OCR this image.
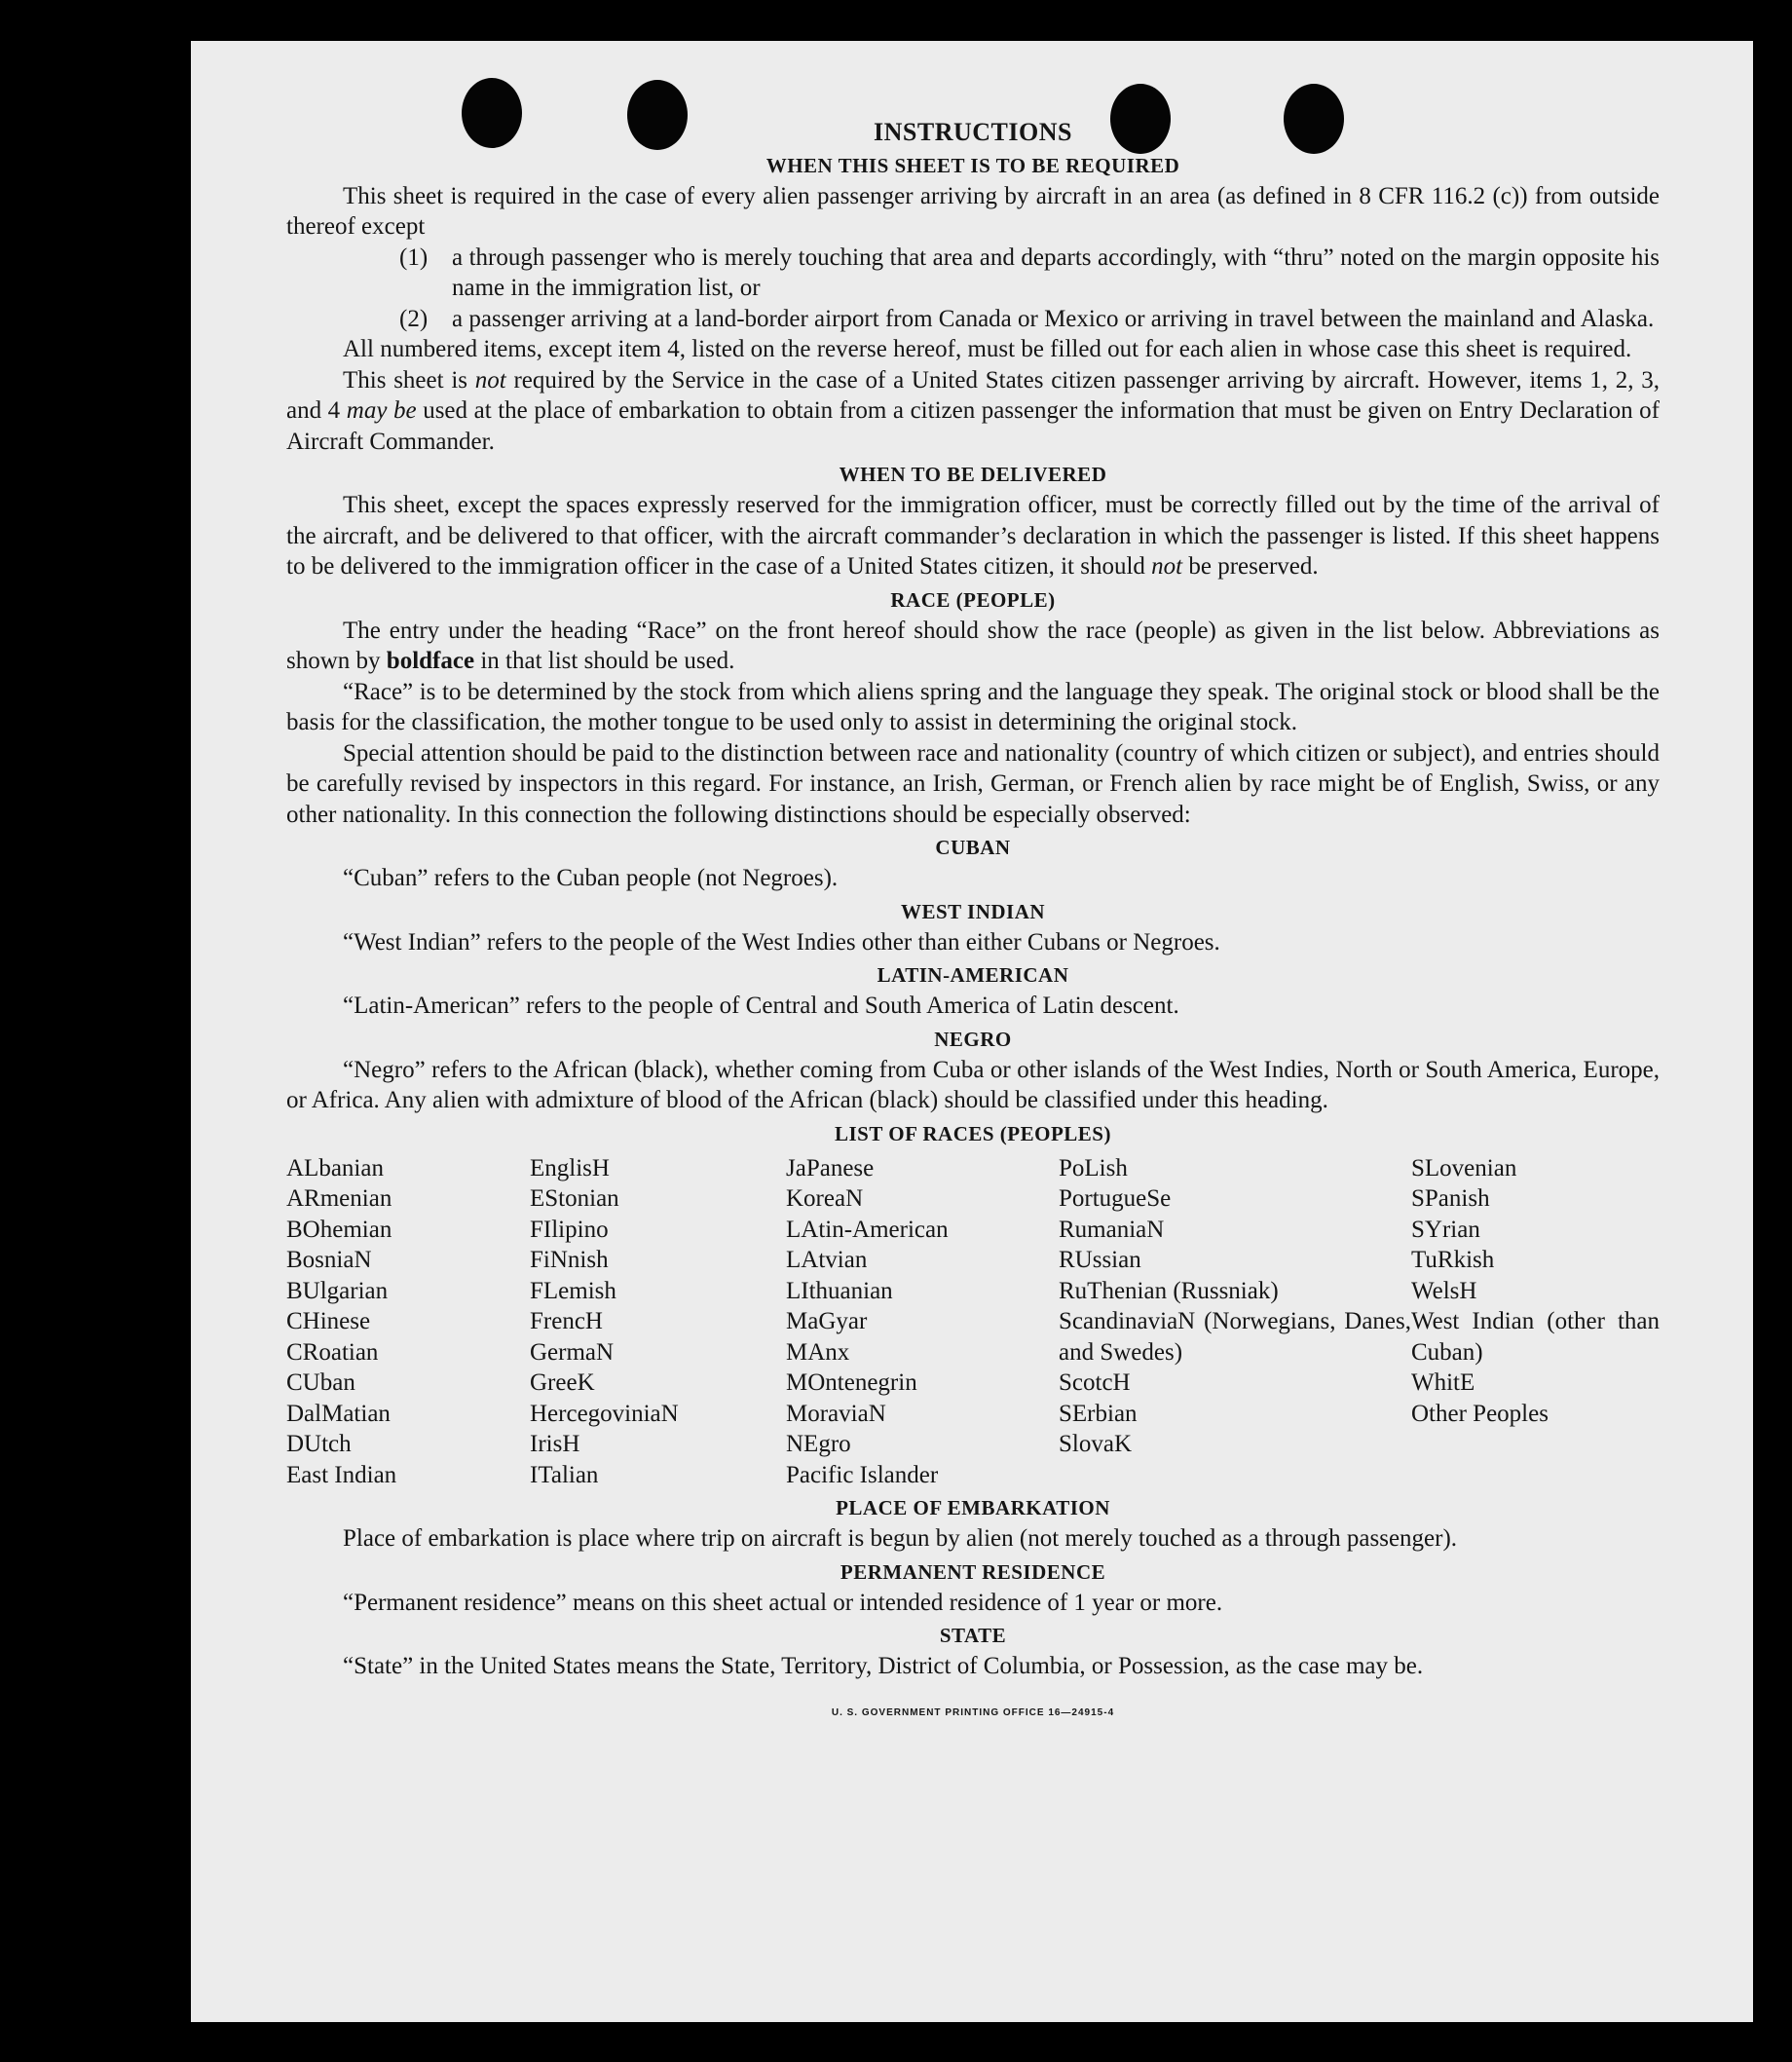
INSTRUCTIONS
WHEN THIS SHEET IS TO BE REQUIRED

This sheet is required in the case of every alien passenger arriving by aircraft in an area (as defined in 8 CFR 116.2 (c)) from outside thereof except

(1) a through passenger who is merely touching that area and departs accordingly, with “thru” noted on the margin opposite his name in the immigration list, or
(2) a passenger arriving at a land-border airport from Canada or Mexico or arriving in travel between the mainland and Alaska.

All numbered items, except item 4, listed on the reverse hereof, must be filled out for each alien in whose case this sheet is required.

This sheet is not required by the Service in the case of a United States citizen passenger arriving by aircraft. However, items 1, 2, 3, and 4 may be used at the place of embarkation to obtain from a citizen passenger the information that must be given on Entry Declaration of Aircraft Commander.

WHEN TO BE DELIVERED

This sheet, except the spaces expressly reserved for the immigration officer, must be correctly filled out by the time of the arrival of the aircraft, and be delivered to that officer, with the aircraft commander’s declaration in which the passenger is listed. If this sheet happens to be delivered to the immigration officer in the case of a United States citizen, it should not be preserved.

RACE (PEOPLE)

The entry under the heading “Race” on the front hereof should show the race (people) as given in the list below. Abbreviations as shown by boldface in that list should be used.

“Race” is to be determined by the stock from which aliens spring and the language they speak. The original stock or blood shall be the basis for the classification, the mother tongue to be used only to assist in determining the original stock.

Special attention should be paid to the distinction between race and nationality (country of which citizen or subject), and entries should be carefully revised by inspectors in this regard. For instance, an Irish, German, or French alien by race might be of English, Swiss, or any other nationality. In this connection the following distinctions should be especially observed:

CUBAN

“Cuban” refers to the Cuban people (not Negroes).

WEST INDIAN

“West Indian” refers to the people of the West Indies other than either Cubans or Negroes.

LATIN-AMERICAN

“Latin-American” refers to the people of Central and South America of Latin descent.

NEGRO

“Negro” refers to the African (black), whether coming from Cuba or other islands of the West Indies, North or South America, Europe, or Africa. Any alien with admixture of blood of the African (black) should be classified under this heading.

LIST OF RACES (PEOPLES)
ALbanian
ARmenian
BOhemian
BosniaN
BUlgarian
CHinese
CRoatian
CUban
DalMatian
DUtch
East Indian
EnglisH
EStonian
FIlipino
FiNnish
FLemish
FrencH
GermaN
GreeK
HercegoviniaN
IrisH
ITalian
JaPanese
KoreaN
LAtin-American
LAtvian
LIthuanian
MaGyar
MAnx
MOntenegrin
MoraviaN
NEgro
Pacific Islander
PoLish
PortugueSe
RumaniaN
RUssian
RuThenian (Russniak)
ScandinaviaN (Norwegians, Danes, and Swedes)
ScotcH
SErbian
SlovaK
SLovenian
SPanish
SYrian
TuRkish
WelsH
West Indian (other than Cuban)
WhitE
Other Peoples
PLACE OF EMBARKATION

Place of embarkation is place where trip on aircraft is begun by alien (not merely touched as a through passenger).

PERMANENT RESIDENCE

“Permanent residence” means on this sheet actual or intended residence of 1 year or more.

STATE

“State” in the United States means the State, Territory, District of Columbia, or Possession, as the case may be.

U. S. GOVERNMENT PRINTING OFFICE 16—24915-4
